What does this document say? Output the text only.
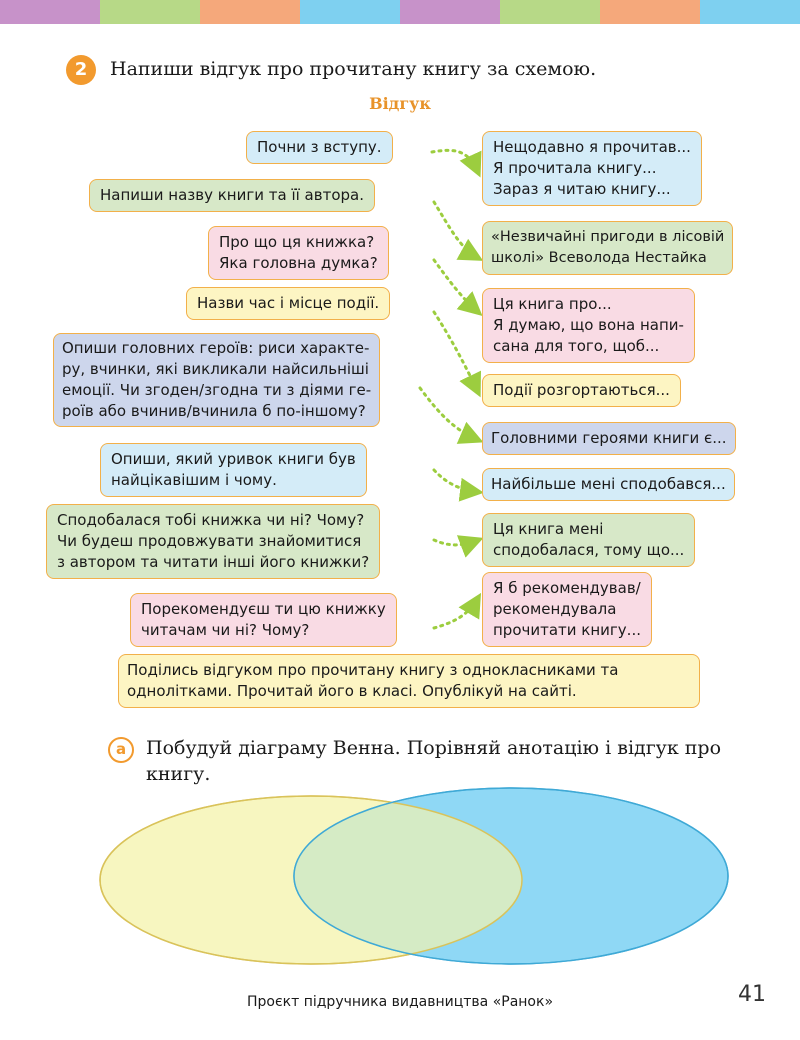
2	Напиши відгук про прочитану книгу за схемою.
Відгук
Почни з вступу.
Напиши назву книги та її автора.
Про що ця книжка?
Яка головна думка?
Назви час і місце події.
Опиши головних героїв: риси характе-
ру, вчинки, які викликали найсильніші
емоції. Чи згоден/згодна ти з діями ге-
роїв або вчинив/вчинила б по-іншому?
Опиши, який уривок книги був
найцікавішим і чому.
Сподобалася тобі книжка чи ні? Чому?
Чи будеш продовжувати знайомитися
з автором та читати інші його книжки?
Порекомендуєш ти цю книжку
читачам чи ні? Чому?
Нещодавно я прочитав...
Я прочитала книгу...
Зараз я читаю книгу...
«Незвичайні пригоди в лісовій
школі» Всеволода Нестайка
Ця книга про...
Я думаю, що вона напи-
сана для того, щоб...
Події розгортаються...
Головними героями книги є...
Найбільше мені сподобався...
Ця книга мені
сподобалася, тому що...
Я б рекомендував/
рекомендувала
прочитати книгу...
Поділись відгуком про прочитану книгу з однокласниками та
однолітками. Прочитай його в класі. Опублікуй на сайті.
а	Побудуй діаграму Венна. Порівняй анотацію і відгук про книгу.
Проєкт підручника видавництва «Ранок»	41
